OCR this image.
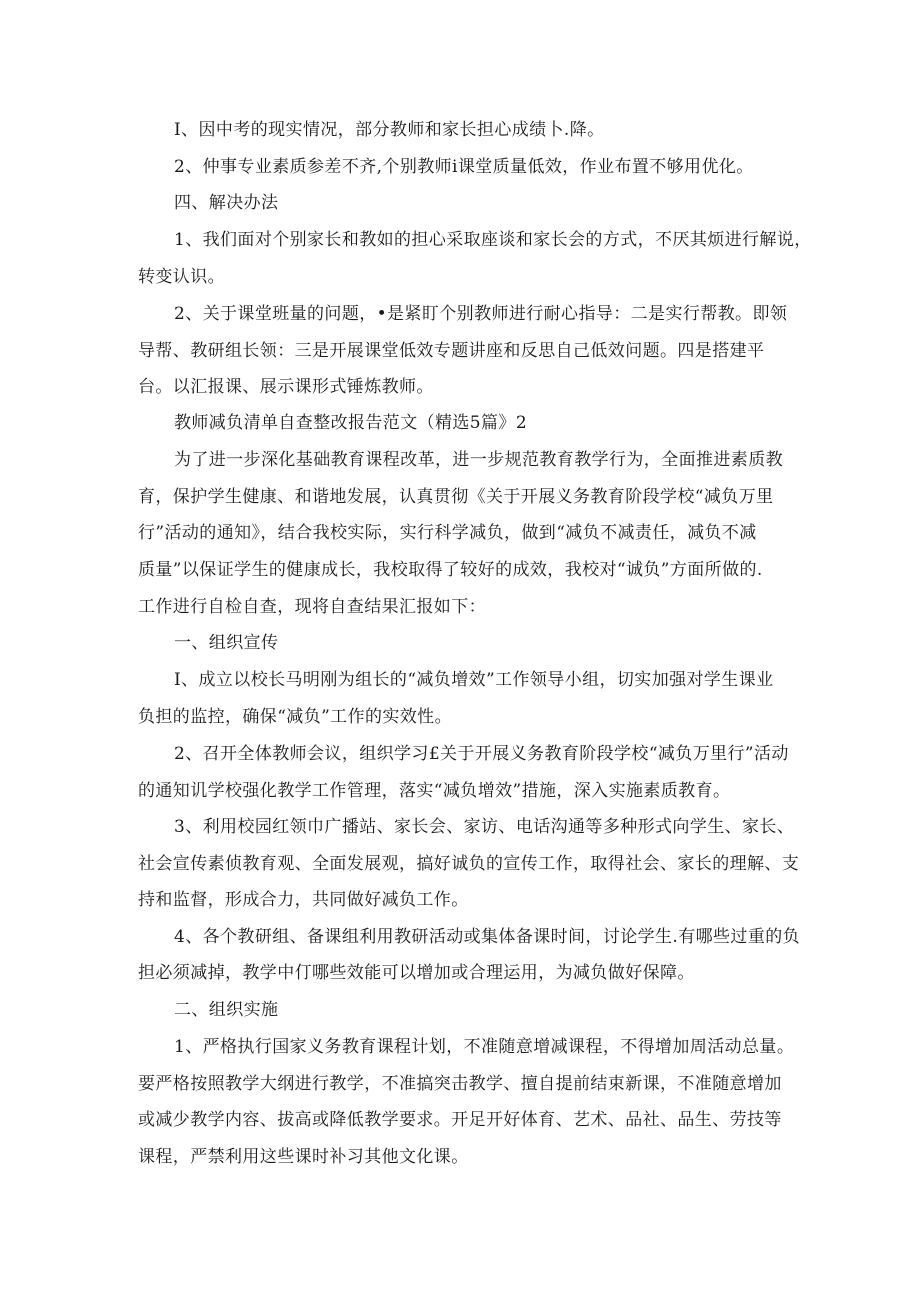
I、因中考的现实情况，部分教师和家长担心成绩卜.降。
2、仲事专业素质参差不齐,个别教师i课堂质量低效，作业布置不够用优化。
四、解决办法
1、我们面对个别家长和教如的担心采取座谈和家长会的方式，不厌其烦进行解说，
转变认识。
2、关于课堂班量的问题，•是紧盯个别教师进行耐心指导：二是实行帮教。即领
导帮、教研组长领：三是开展课堂低效专题讲座和反思自己低效问题。四是搭建平
台。以汇报课、展示课形式锤炼教师。
教师减负清单自查整改报告范文（精选5篇》2
为了进一步深化基础教育课程改革，进一步规范教育教学行为，全面推进素质教
育，保护学生健康、和谐地发展，认真贯彻《关于开展义务教育阶段学校“减负万里
行”活动的通知》，结合我校实际，实行科学减负，做到“减负不减责任，减负不减
质量”以保证学生的健康成长，我校取得了较好的成效，我校对“诚负”方面所做的.
工作进行自检自查，现将自查结果汇报如下：
一、组织宣传
I、成立以校长马明刚为组长的“减负增效”工作领导小组，切实加强对学生课业
负担的监控，确保“减负”工作的实效性。
2、召开全体教师会议，组织学习£关于开展义务教育阶段学校“减负万里行”活动
的通知讥学校强化教学工作管理，落实“减负增效”措施，深入实施素质教育。
3、利用校园红领巾广播站、家长会、家访、电话沟通等多种形式向学生、家长、
社会宣传素侦教育观、全面发展观，搞好诚负的宣传工作，取得社会、家长的理解、支
持和监督，形成合力，共同做好减负工作。
4、各个教研组、备课组利用教研活动或集体备课时间，讨论学生.有哪些过重的负
担必须减掉，教学中仃哪些效能可以增加或合理运用，为减负做好保障。
二、组织实施
1、严格执行国家义务教育课程计划，不准随意增减课程，不得增加周活动总量。
要严格按照教学大纲进行教学，不准搞突击教学、擅自提前结束新课，不准随意增加
或减少教学内容、拔高或降低教学要求。开足开好体育、艺术、品社、品生、劳技等
课程，严禁利用这些课时补习其他文化课。
